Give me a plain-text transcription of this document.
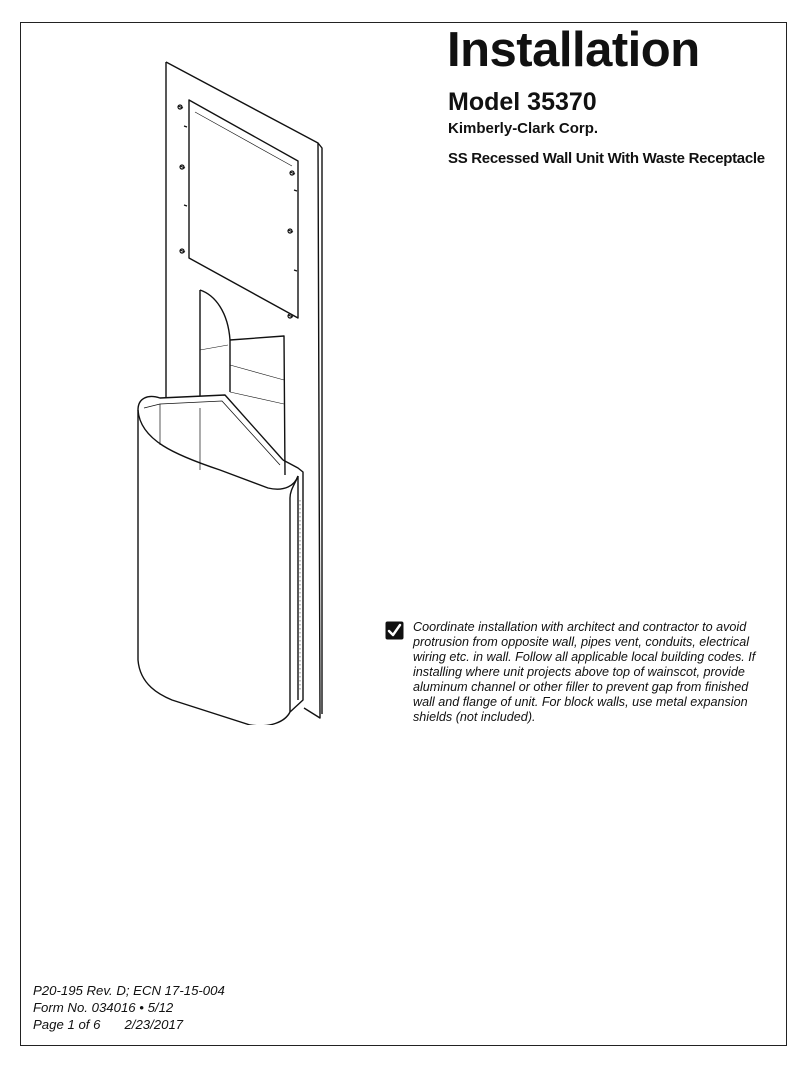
Installation
Model 35370
Kimberly-Clark Corp.
SS Recessed Wall Unit With Waste Receptacle

Coordinate installation with architect and contractor to avoid protrusion from opposite wall, pipes vent, conduits, electrical wiring etc. in wall. Follow all applicable local building codes. If installing where unit projects above top of wainscot, provide aluminum channel or other filler to prevent gap from finished wall and flange of unit. For block walls, use metal expansion shields (not included).

P20-195 Rev. D; ECN 17-15-004
Form No. 034016 • 5/12
Page 1 of 6 2/23/2017
